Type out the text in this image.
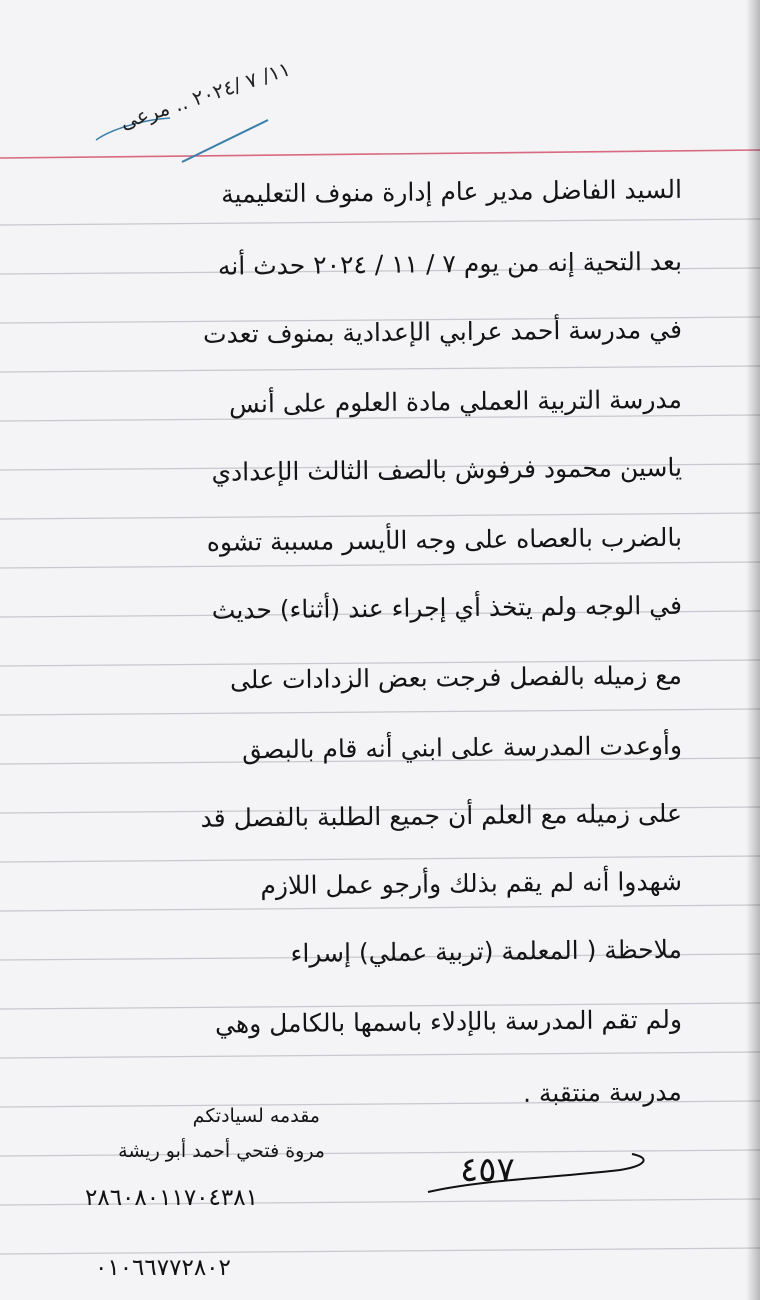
١١/ ٧ /٢٠٢٤ .. مرعى
السيد الفاضل مدير عام إدارة منوف التعليمية
بعد التحية إنه من يوم ٧ / ١١ / ٢٠٢٤ حدث أنه
في مدرسة أحمد عرابي الإعدادية بمنوف تعدت
مدرسة التربية العملي مادة العلوم على أنس
ياسين محمود فرفوش بالصف الثالث الإعدادي
بالضرب بالعصاه على وجه الأيسر مسببة تشوه
في الوجه ولم يتخذ أي إجراء عند (أثناء) حديث
مع زميله بالفصل فرجت بعض الزدادات على
وأوعدت المدرسة على ابني أنه قام بالبصق
على زميله مع العلم أن جميع الطلبة بالفصل قد
شهدوا أنه لم يقم بذلك وأرجو عمل اللازم
ملاحظة ( المعلمة (تربية عملي) إسراء
ولم تقم المدرسة بالإدلاء باسمها بالكامل وهي
مدرسة منتقبة .
مقدمه لسيادتكم
مروة فتحي أحمد أبو ريشة
٢٨٦٠٨٠١١٧٠٤٣٨١
٠١٠٦٦٧٧٢٨٠٢
٤٥٧
